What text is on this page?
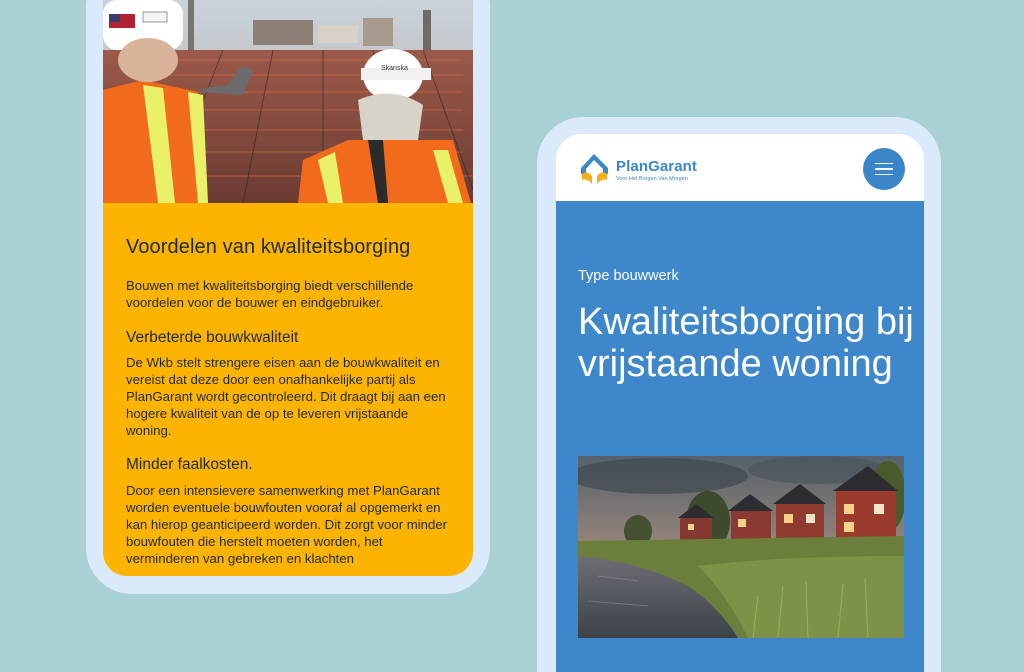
Skanska
Voordelen van kwaliteitsborging

Bouwen met kwaliteitsborging biedt verschillende voordelen voor de bouwer en eindgebruiker.

Verbeterde bouwkwaliteit

De Wkb stelt strengere eisen aan de bouwkwaliteit en vereist dat deze door een onafhankelijke partij als PlanGarant wordt gecontroleerd. Dit draagt bij aan een hogere kwaliteit van de op te leveren vrijstaande woning.

Minder faalkosten.

Door een intensievere samenwerking met PlanGarant worden eventuele bouwfouten vooraf al opgemerkt en kan hierop geanticipeerd worden. Dit zorgt voor minder bouwfouten die herstelt moeten worden, het verminderen van gebreken en klachten

PlanGarant
Voor Het Borgen Van Morgen
Type bouwwerk
Kwaliteitsborging bij vrijstaande woning
